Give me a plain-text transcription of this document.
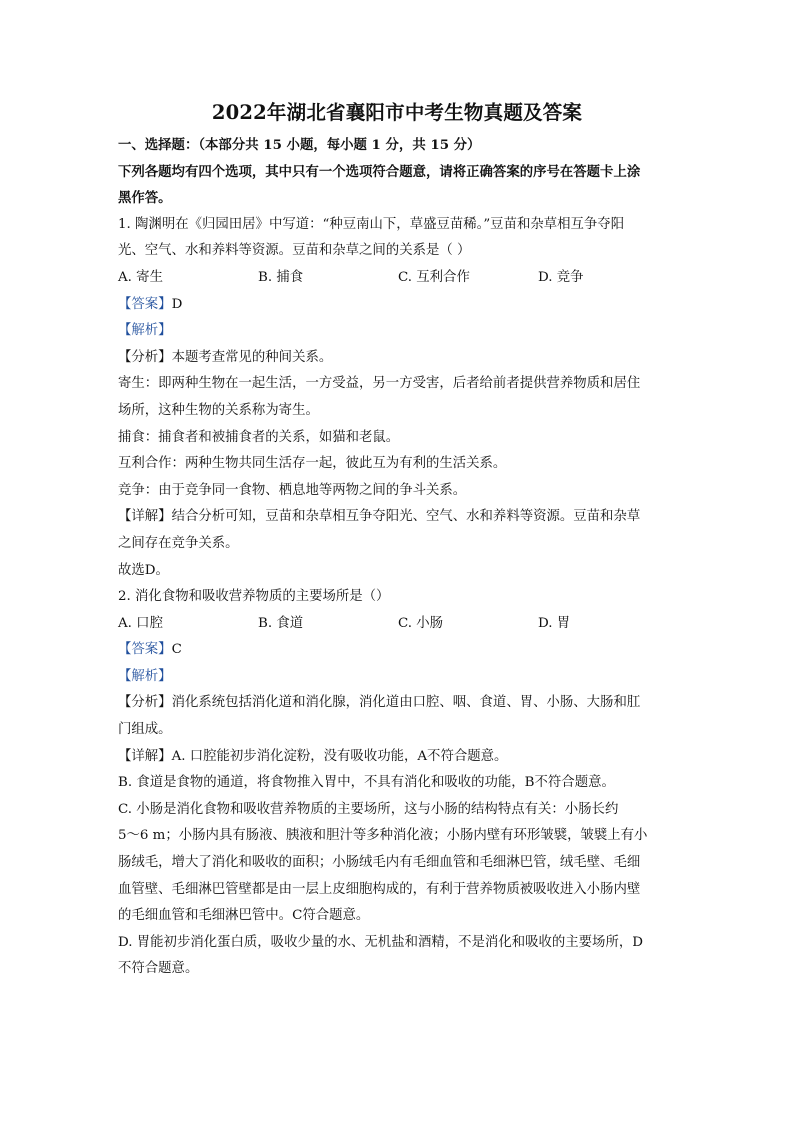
2022年湖北省襄阳市中考生物真题及答案
一、选择题：（本部分共 15 小题，每小题 1 分，共 15 分）
下列各题均有四个选项，其中只有一个选项符合题意，请将正确答案的序号在答题卡上涂
黑作答。
1. 陶渊明在《归园田居》中写道：“种豆南山下，草盛豆苗稀。”豆苗和杂草相互争夺阳
光、空气、水和养料等资源。豆苗和杂草之间的关系是（ ）
A. 寄生	B. 捕食	C. 互利合作	D. 竞争
【答案】D
【解析】
【分析】本题考查常见的种间关系。
寄生：即两种生物在一起生活，一方受益，另一方受害，后者给前者提供营养物质和居住
场所，这种生物的关系称为寄生。
捕食：捕食者和被捕食者的关系，如猫和老鼠。
互利合作：两种生物共同生活存一起，彼此互为有利的生活关系。
竞争：由于竞争同一食物、栖息地等两物之间的争斗关系。
【详解】结合分析可知，豆苗和杂草相互争夺阳光、空气、水和养料等资源。豆苗和杂草
之间存在竞争关系。
故选D。
2. 消化食物和吸收营养物质的主要场所是（）
A. 口腔	B. 食道	C. 小肠	D. 胃
【答案】C
【解析】
【分析】消化系统包括消化道和消化腺，消化道由口腔、咽、食道、胃、小肠、大肠和肛
门组成。
【详解】A. 口腔能初步消化淀粉，没有吸收功能，A不符合题意。
B. 食道是食物的通道，将食物推入胃中，不具有消化和吸收的功能，B不符合题意。
C. 小肠是消化食物和吸收营养物质的主要场所，这与小肠的结构特点有关：小肠长约
5～6 m；小肠内具有肠液、胰液和胆汁等多种消化液；小肠内壁有环形皱襞，皱襞上有小
肠绒毛，增大了消化和吸收的面积；小肠绒毛内有毛细血管和毛细淋巴管，绒毛壁、毛细
血管壁、毛细淋巴管壁都是由一层上皮细胞构成的，有利于营养物质被吸收进入小肠内壁
的毛细血管和毛细淋巴管中。C符合题意。
D. 胃能初步消化蛋白质，吸收少量的水、无机盐和酒精，不是消化和吸收的主要场所，D
不符合题意。
